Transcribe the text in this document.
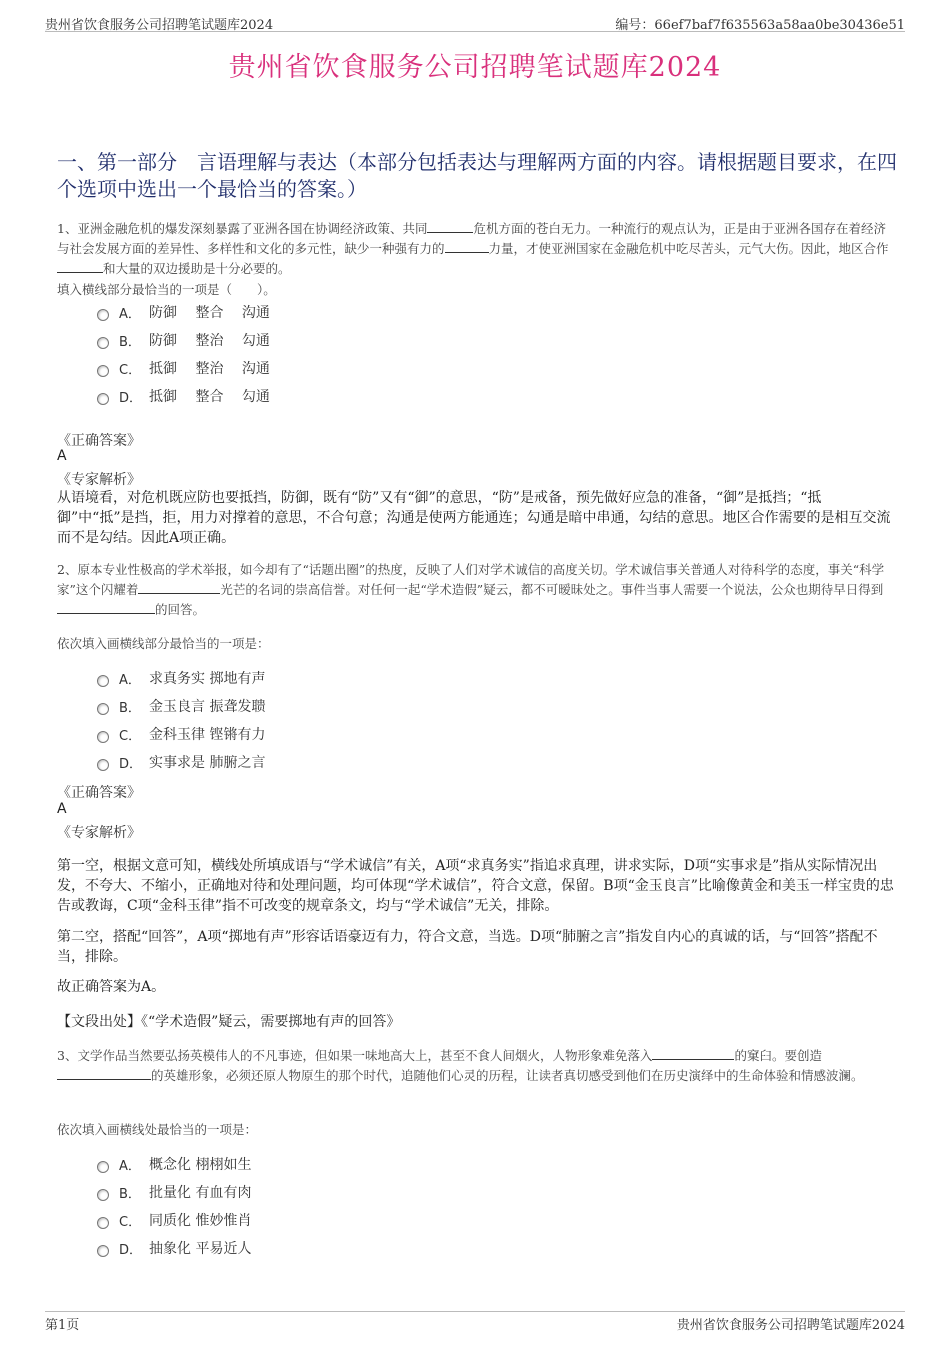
贵州省饮食服务公司招聘笔试题库2024	编号：66ef7baf7f635563a58aa0be30436e51
贵州省饮食服务公司招聘笔试题库2024
一、第一部分　言语理解与表达（本部分包括表达与理解两方面的内容。请根据题目要求，在四个选项中选出一个最恰当的答案。）
1、亚洲金融危机的爆发深刻暴露了亚洲各国在协调经济政策、共同	危机方面的苍白无力。一种流行的观点认为，正是由于亚洲各国存在着经济与社会发展方面的差异性、多样性和文化的多元性，缺少一种强有力的	力量，才使亚洲国家在金融危机中吃尽苦头，元气大伤。因此，地区合作和大量的双边援助是十分必要的。
填入横线部分最恰当的一项是（　　）。
A． 防御　 整合　 沟通
B． 防御　 整治　 勾通
C． 抵御　 整治　 沟通
D． 抵御　 整合　 勾通
《正确答案》
A
《专家解析》
从语境看，对危机既应防也要抵挡，防御，既有“防”又有“御”的意思，“防”是戒备，预先做好应急的准备，“御”是抵挡；“抵御”中“抵”是挡，拒，用力对撑着的意思，不合句意；沟通是使两方能通连；勾通是暗中串通，勾结的意思。地区合作需要的是相互交流而不是勾结。因此A项正确。
2、原本专业性极高的学术举报，如今却有了“话题出圈”的热度，反映了人们对学术诚信的高度关切。学术诚信事关普通人对待科学的态度，事关“科学家”这个闪耀着	光芒的名词的崇高信誉。对任何一起“学术造假”疑云，都不可暧昧处之。事件当事人需要一个说法，公众也期待早日得到的回答。
依次填入画横线部分最恰当的一项是：
A． 求真务实 掷地有声
B． 金玉良言 振聋发聩
C． 金科玉律 铿锵有力
D． 实事求是 肺腑之言
《正确答案》
A
《专家解析》
第一空，根据文意可知，横线处所填成语与“学术诚信”有关，A项“求真务实”指追求真理，讲求实际，D项“实事求是”指从实际情况出发，不夸大、不缩小，正确地对待和处理问题，均可体现“学术诚信”，符合文意，保留。B项“金玉良言”比喻像黄金和美玉一样宝贵的忠告或教诲，C项“金科玉律”指不可改变的规章条文，均与“学术诚信”无关，排除。
第二空，搭配“回答”，A项“掷地有声”形容话语豪迈有力，符合文意，当选。D项“肺腑之言”指发自内心的真诚的话，与“回答”搭配不当，排除。
故正确答案为A。
【文段出处】《“学术造假”疑云，需要掷地有声的回答》
3、文学作品当然要弘扬英模伟人的不凡事迹，但如果一味地高大上，甚至不食人间烟火，人物形象难免落入	的窠臼。要创造的英雄形象，必须还原人物原生的那个时代，追随他们心灵的历程，让读者真切感受到他们在历史演绎中的生命体验和情感波澜。
依次填入画横线处最恰当的一项是：
A． 概念化 栩栩如生
B． 批量化 有血有肉
C． 同质化 惟妙惟肖
D． 抽象化 平易近人
第1页	贵州省饮食服务公司招聘笔试题库2024
